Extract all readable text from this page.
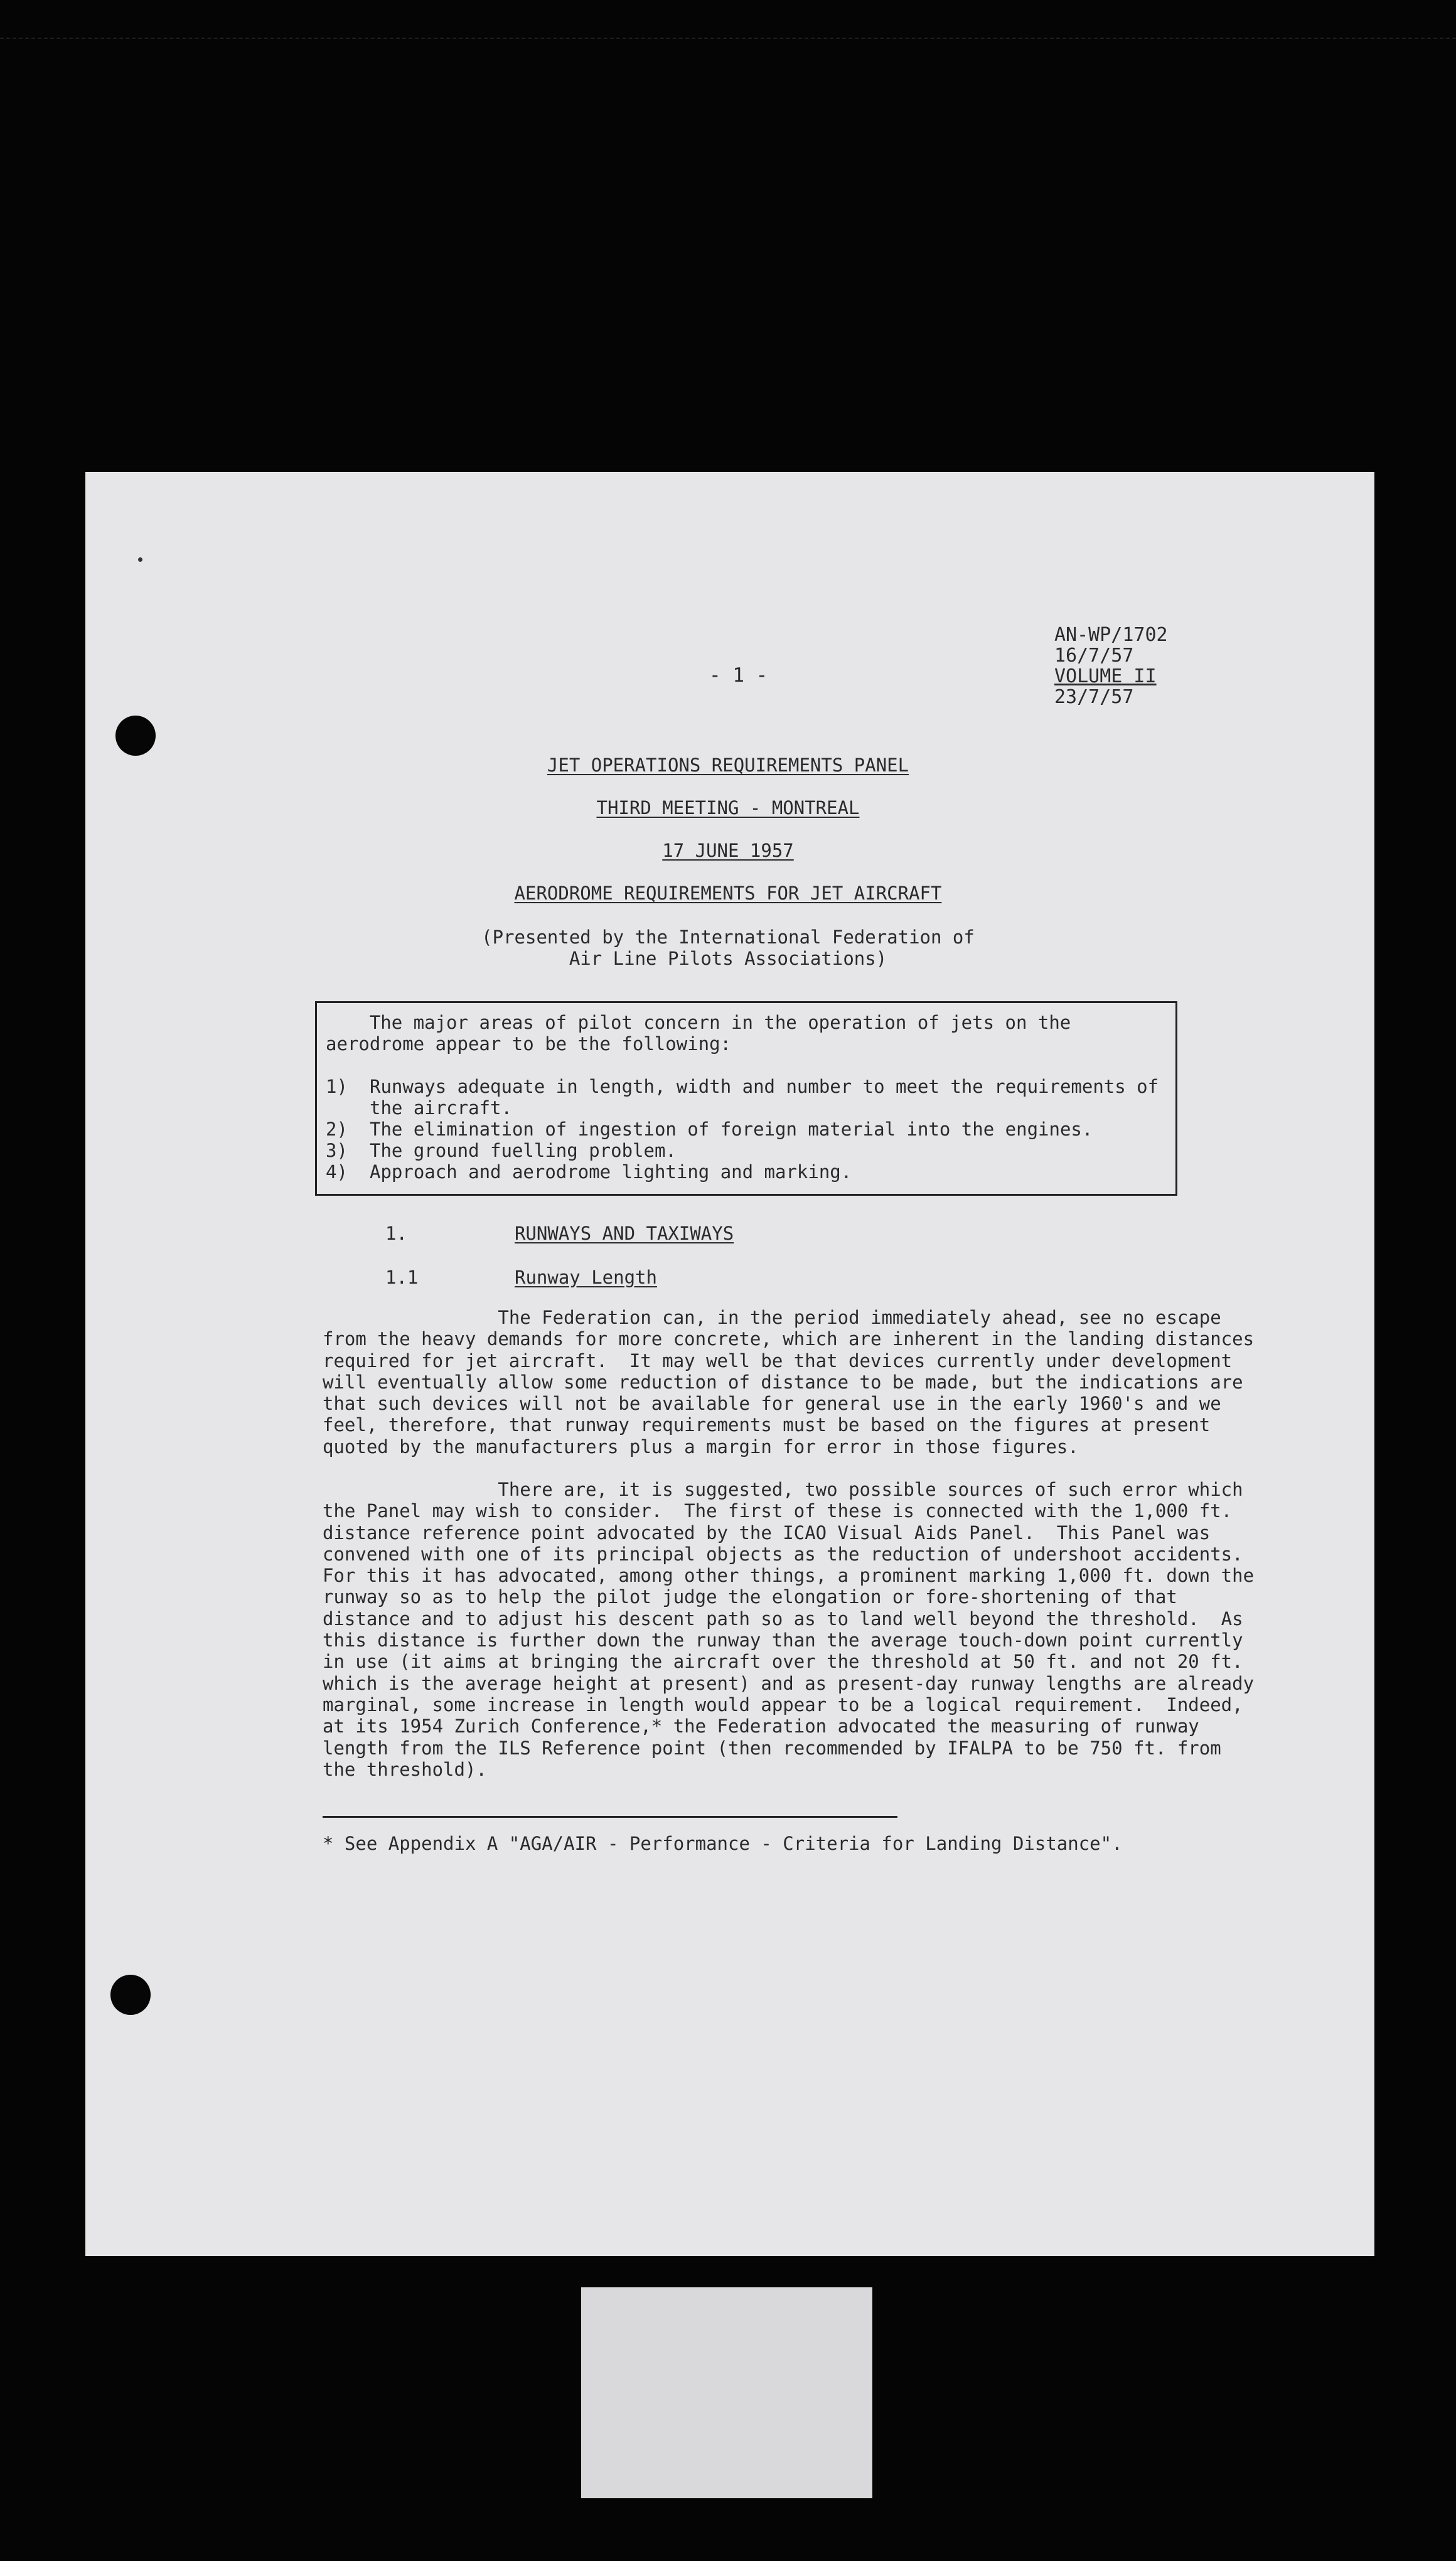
AN-WP/1702
16/7/57
VOLUME II
23/7/57
- 1 -
JET OPERATIONS REQUIREMENTS PANEL
THIRD MEETING - MONTREAL
17 JUNE 1957
AERODROME REQUIREMENTS FOR JET AIRCRAFT
(Presented by the International Federation of
Air Line Pilots Associations)
The major areas of pilot concern in the operation of jets on the aerodrome appear to be the following:
1)	Runways adequate in length, width and number to meet the requirements of the aircraft.
2)	The elimination of ingestion of foreign material into the engines.
3)	The ground fuelling problem.
4)	Approach and aerodrome lighting and marking.
1.	RUNWAYS AND TAXIWAYS
1.1	Runway Length
The Federation can, in the period immediately ahead, see no escape from the heavy demands for more concrete, which are inherent in the landing distances required for jet aircraft.  It may well be that devices currently under development will eventually allow some reduction of distance to be made, but the indications are that such devices will not be available for general use in the early 1960's and we feel, therefore, that runway requirements must be based on the figures at present quoted by the manufacturers plus a margin for error in those figures.
There are, it is suggested, two possible sources of such error which the Panel may wish to consider.  The first of these is connected with the 1,000 ft. distance reference point advocated by the ICAO Visual Aids Panel.  This Panel was convened with one of its principal objects as the reduction of undershoot accidents.  For this it has advocated, among other things, a prominent marking 1,000 ft. down the runway so as to help the pilot judge the elongation or fore-shortening of that distance and to adjust his descent path so as to land well beyond the threshold.  As this distance is further down the runway than the average touch-down point currently in use (it aims at bringing the aircraft over the threshold at 50 ft. and not 20 ft. which is the average height at present) and as present-day runway lengths are already marginal, some increase in length would appear to be a logical requirement.  Indeed, at its 1954 Zurich Conference,* the Federation advocated the measuring of runway length from the ILS Reference point (then recommended by IFALPA to be 750 ft. from the threshold).
* See Appendix A "AGA/AIR - Performance - Criteria for Landing Distance".
